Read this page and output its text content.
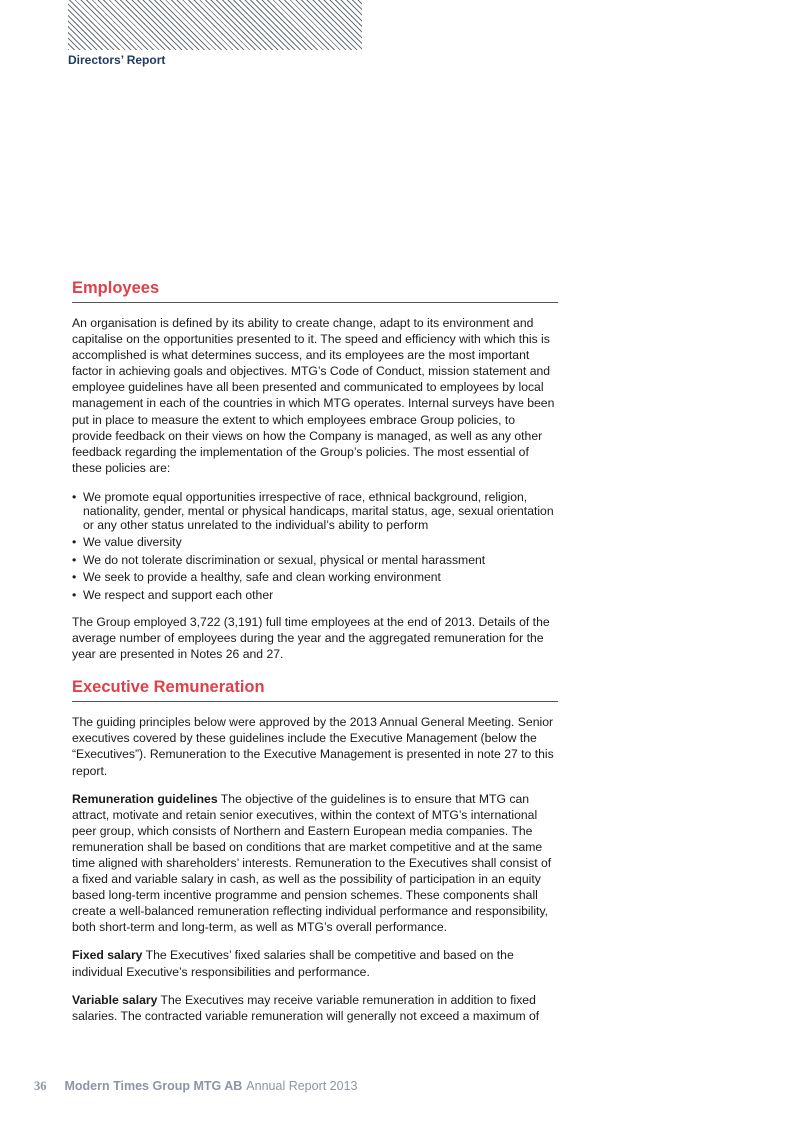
Directors’ Report
Employees

An organisation is defined by its ability to create change, adapt to its environment and capitalise on the opportunities presented to it. The speed and efficiency with which this is accomplished is what determines success, and its employees are the most important factor in achieving goals and objectives. MTG’s Code of Conduct, mission statement and employee guidelines have all been presented and communicated to employees by local management in each of the countries in which MTG operates. Internal surveys have been put in place to measure the extent to which employees embrace Group policies, to provide feedback on their views on how the Company is managed, as well as any other feedback regarding the implementation of the Group’s policies. The most essential of these policies are:

• We promote equal opportunities irrespective of race, ethnical background, religion, nationality, gender, mental or physical handicaps, marital status, age, sexual orientation or any other status unrelated to the individual’s ability to perform
• We value diversity
• We do not tolerate discrimination or sexual, physical or mental harassment
• We seek to provide a healthy, safe and clean working environment
• We respect and support each other

The Group employed 3,722 (3,191) full time employees at the end of 2013. Details of the average number of employees during the year and the aggregated remuneration for the year are presented in Notes 26 and 27.

Executive Remuneration

The guiding principles below were approved by the 2013 Annual General Meeting. Senior executives covered by these guidelines include the Executive Management (below the “Executives”). Remuneration to the Executive Management is presented in note 27 to this report.

Remuneration guidelines The objective of the guidelines is to ensure that MTG can attract, motivate and retain senior executives, within the context of MTG’s international peer group, which consists of Northern and Eastern European media companies. The remuneration shall be based on conditions that are market competitive and at the same time aligned with shareholders’ interests. Remuneration to the Executives shall consist of a fixed and variable salary in cash, as well as the possibility of participation in an equity based long-term incentive programme and pension schemes. These components shall create a well-balanced remuneration reflecting individual performance and responsibility, both short-term and long-term, as well as MTG’s overall performance.

Fixed salary The Executives’ fixed salaries shall be competitive and based on the individual Executive’s responsibilities and performance.

Variable salary The Executives may receive variable remuneration in addition to fixed salaries. The contracted variable remuneration will generally not exceed a maximum of

36 Modern Times Group MTG AB Annual Report 2013
